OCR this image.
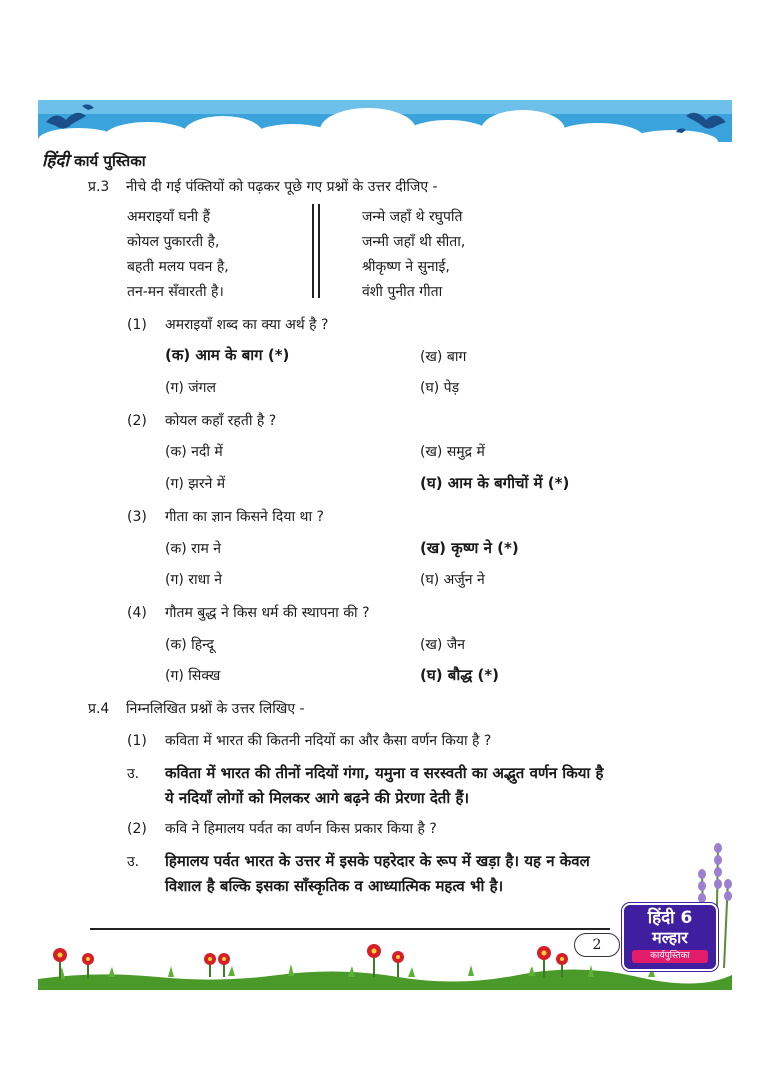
हिंदी कार्य पुस्तिका
प्र.3 नीचे दी गई पंक्तियों को पढ़कर पूछे गए प्रश्नों के उत्तर दीजिए -
अमराइयाँ घनी हैं
कोयल पुकारती है,
बहती मलय पवन है,
तन-मन सँवारती है।
जन्मे जहाँ थे रघुपति
जन्मी जहाँ थी सीता,
श्रीकृष्ण ने सुनाई,
वंशी पुनीत गीता
(1) अमराइयाँ शब्द का क्या अर्थ है ?
(क) आम के बाग (*)	(ख) बाग
(ग) जंगल	(घ) पेड़
(2) कोयल कहाँ रहती है ?
(क) नदी में	(ख) समुद्र में
(ग) झरने में	(घ) आम के बगीचों में (*)
(3) गीता का ज्ञान किसने दिया था ?
(क) राम ने	(ख) कृष्ण ने (*)
(ग) राधा ने	(घ) अर्जुन ने
(4) गौतम बुद्ध ने किस धर्म की स्थापना की ?
(क) हिन्दू	(ख) जैन
(ग) सिक्ख	(घ) बौद्ध (*)
प्र.4 निम्नलिखित प्रश्नों के उत्तर लिखिए -
(1) कविता में भारत की कितनी नदियों का और कैसा वर्णन किया है ?
उ. कविता में भारत की तीनों नदियों गंगा, यमुना व सरस्वती का अद्भुत वर्णन किया है
ये नदियाँ लोगों को मिलकर आगे बढ़ने की प्रेरणा देती हैं।
(2) कवि ने हिमालय पर्वत का वर्णन किस प्रकार किया है ?
उ. हिमालय पर्वत भारत के उत्तर में इसके पहरेदार के रूप में खड़ा है। यह न केवल
विशाल है बल्कि इसका साँस्कृतिक व आध्यात्मिक महत्व भी है।
2
हिंदी 6
मल्हार
कार्यपुस्तिका
